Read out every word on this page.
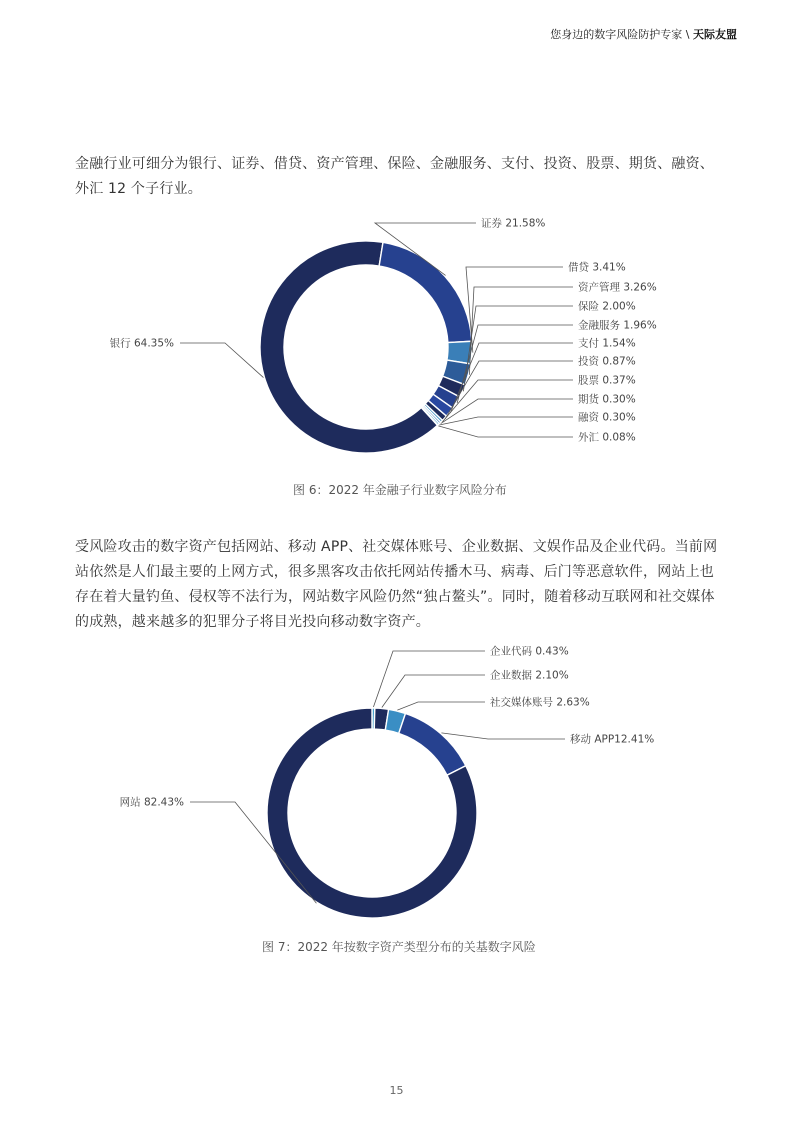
您身边的数字风险防护专家 \ 天际友盟

金融行业可细分为银行、证券、借贷、资产管理、保险、金融服务、支付、投资、股票、期货、融资、外汇 12 个子行业。

银行 64.35%
证券 21.58%
借贷 3.41%
资产管理 3.26%
保险 2.00%
金融服务 1.96%
支付 1.54%
投资 0.87%
股票 0.37%
期货 0.30%
融资 0.30%
外汇 0.08%
图 6：2022 年金融子行业数字风险分布

受风险攻击的数字资产包括网站、移动 APP、社交媒体账号、企业数据、文娱作品及企业代码。当前网站依然是人们最主要的上网方式，很多黑客攻击依托网站传播木马、病毒、后门等恶意软件，网站上也存在着大量钓鱼、侵权等不法行为，网站数字风险仍然“独占鳌头”。同时，随着移动互联网和社交媒体的成熟，越来越多的犯罪分子将目光投向移动数字资产。

企业代码 0.43%
企业数据 2.10%
社交媒体账号 2.63%
移动 APP12.41%
网站 82.43%
图 7：2022 年按数字资产类型分布的关基数字风险
15
